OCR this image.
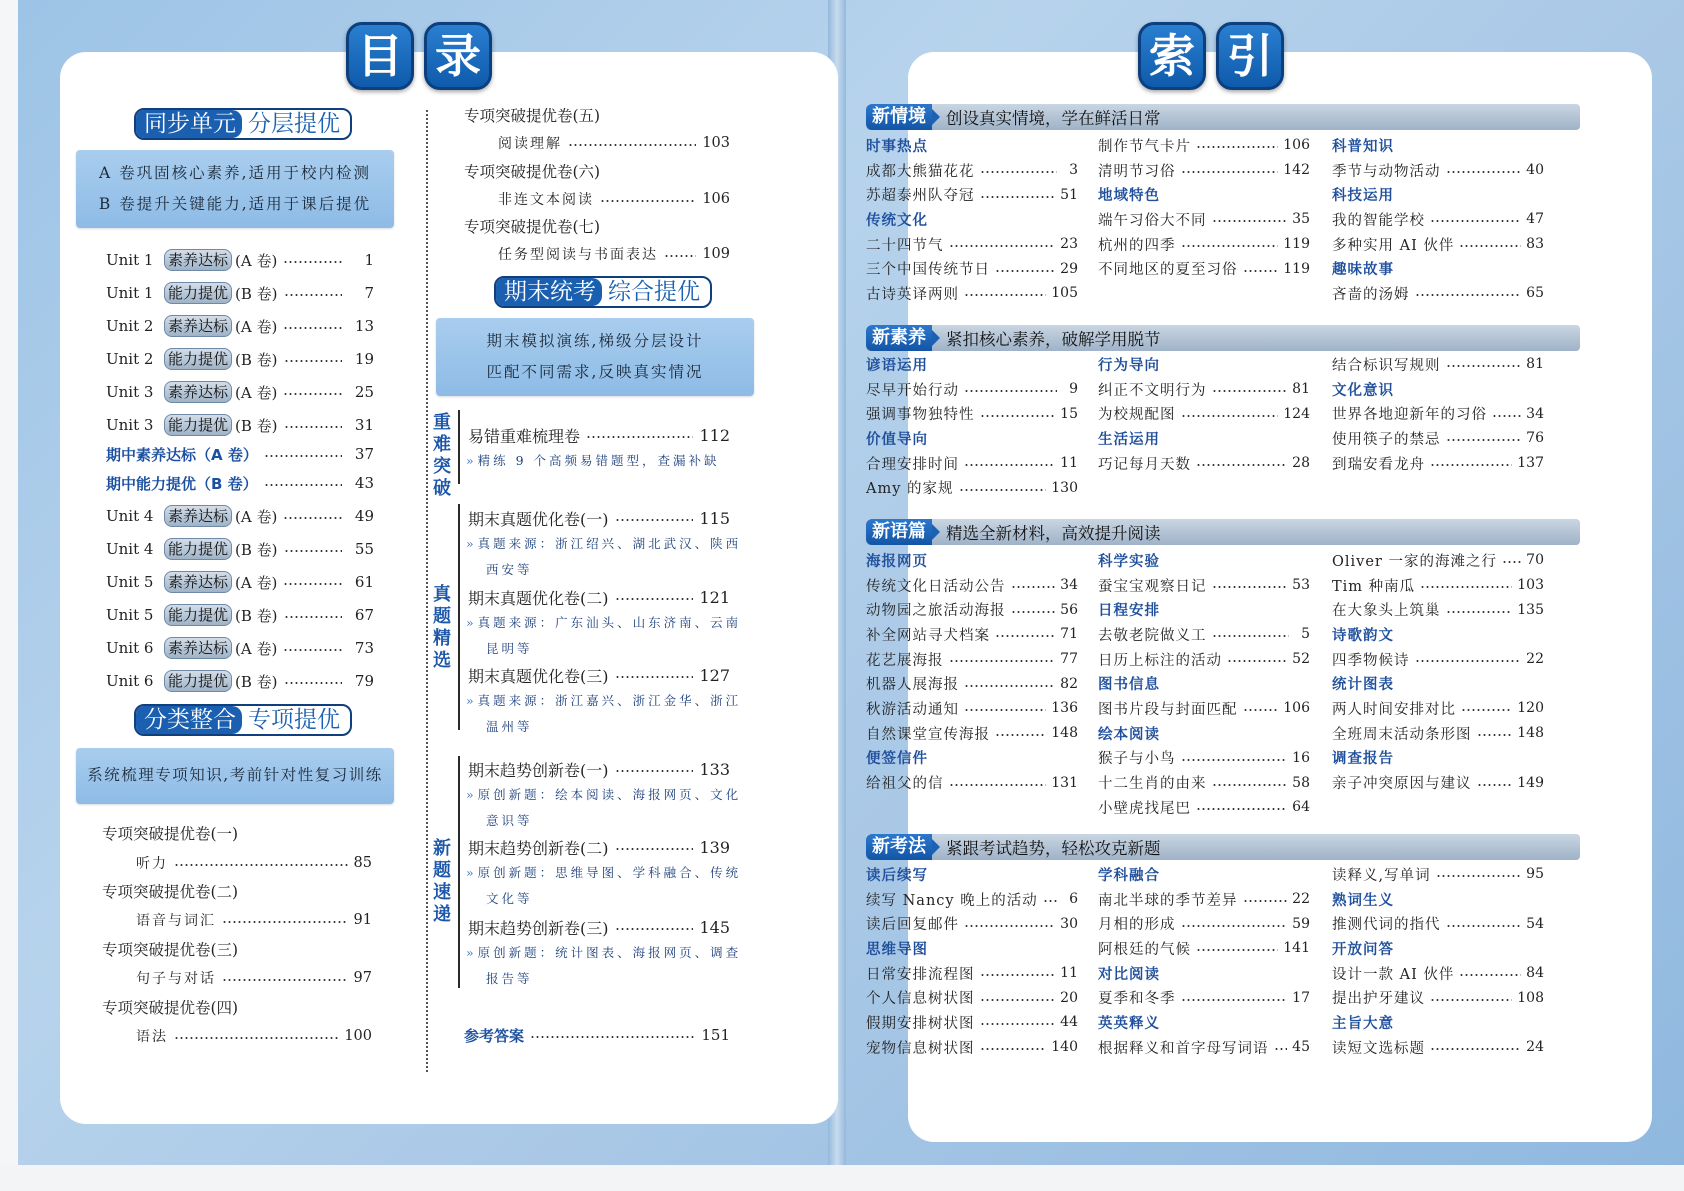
目 录
同步单元 分层提优
A 卷巩固核心素养,适用于校内检测
B 卷提升关键能力,适用于课后提优
Unit 1 素养达标 (A 卷)	1
Unit 1 能力提优 (B 卷)	7
Unit 2 素养达标 (A 卷)	13
Unit 2 能力提优 (B 卷)	19
Unit 3 素养达标 (A 卷)	25
Unit 3 能力提优 (B 卷)	31
期中素养达标（A 卷）	37
期中能力提优（B 卷）	43
Unit 4 素养达标 (A 卷)	49
Unit 4 能力提优 (B 卷)	55
Unit 5 素养达标 (A 卷)	61
Unit 5 能力提优 (B 卷)	67
Unit 6 素养达标 (A 卷)	73
Unit 6 能力提优 (B 卷)	79
分类整合 专项提优
系统梳理专项知识,考前针对性复习训练
专项突破提优卷(一)
听力	85
专项突破提优卷(二)
语音与词汇	91
专项突破提优卷(三)
句子与对话	97
专项突破提优卷(四)
语法	100
专项突破提优卷(五)
阅读理解	103
专项突破提优卷(六)
非连文本阅读	106
专项突破提优卷(七)
任务型阅读与书面表达	109
期末统考 综合提优
期末模拟演练,梯级分层设计
匹配不同需求,反映真实情况
重
难
突
破
真
题
精
选
新
题
速
递
易错重难梳理卷	112
» 精练 9 个高频易错题型，查漏补缺
期末真题优化卷(一)	115
» 真题来源：浙江绍兴、湖北武汉、陕西
西安等
期末真题优化卷(二)	121
» 真题来源：广东汕头、山东济南、云南
昆明等
期末真题优化卷(三)	127
» 真题来源：浙江嘉兴、浙江金华、浙江
温州等
期末趋势创新卷(一)	133
» 原创新题：绘本阅读、海报网页、文化
意识等
期末趋势创新卷(二)	139
» 原创新题：思维导图、学科融合、传统
文化等
期末趋势创新卷(三)	145
» 原创新题：统计图表、海报网页、调查
报告等
参考答案	151
索 引
新情境	创设真实情境，学在鲜活日常
时事热点
成都大熊猫花花	3
苏超泰州队夺冠	51
传统文化
二十四节气	23
三个中国传统节日	29
古诗英译两则	105
制作节气卡片	106
清明节习俗	142
地域特色
端午习俗大不同	35
杭州的四季	119
不同地区的夏至习俗	119
科普知识
季节与动物活动	40
科技运用
我的智能学校	47
多种实用 AI 伙伴	83
趣味故事
吝啬的汤姆	65
新素养	紧扣核心素养，破解学用脱节
谚语运用
尽早开始行动	9
强调事物独特性	15
价值导向
合理安排时间	11
Amy 的家规	130
行为导向
纠正不文明行为	81
为校规配图	124
生活运用
巧记每月天数	28
结合标识写规则	81
文化意识
世界各地迎新年的习俗	34
使用筷子的禁忌	76
到瑞安看龙舟	137
新语篇	精选全新材料，高效提升阅读
海报网页
传统文化日活动公告	34
动物园之旅活动海报	56
补全网站寻犬档案	71
花艺展海报	77
机器人展海报	82
秋游活动通知	136
自然课堂宣传海报	148
便签信件
给祖父的信	131
科学实验
蚕宝宝观察日记	53
日程安排
去敬老院做义工	5
日历上标注的活动	52
图书信息
图书片段与封面匹配	106
绘本阅读
猴子与小鸟	16
十二生肖的由来	58
小壁虎找尾巴	64
Oliver 一家的海滩之行 70
Tim 种南瓜	103
在大象头上筑巢	135
诗歌韵文
四季物候诗	22
统计图表
两人时间安排对比	120
全班周末活动条形图	148
调查报告
亲子冲突原因与建议	149
新考法	紧跟考试趋势，轻松攻克新题
读后续写
续写 Nancy 晚上的活动	6
读后回复邮件	30
思维导图
日常安排流程图	11
个人信息树状图	20
假期安排树状图	44
宠物信息树状图	140
学科融合
南北半球的季节差异	22
月相的形成	59
阿根廷的气候	141
对比阅读
夏季和冬季	17
英英释义
根据释义和首字母写词语 45
读释义,写单词	95
熟词生义
推测代词的指代	54
开放问答
设计一款 AI 伙伴	84
提出护牙建议	108
主旨大意
读短文选标题	24
